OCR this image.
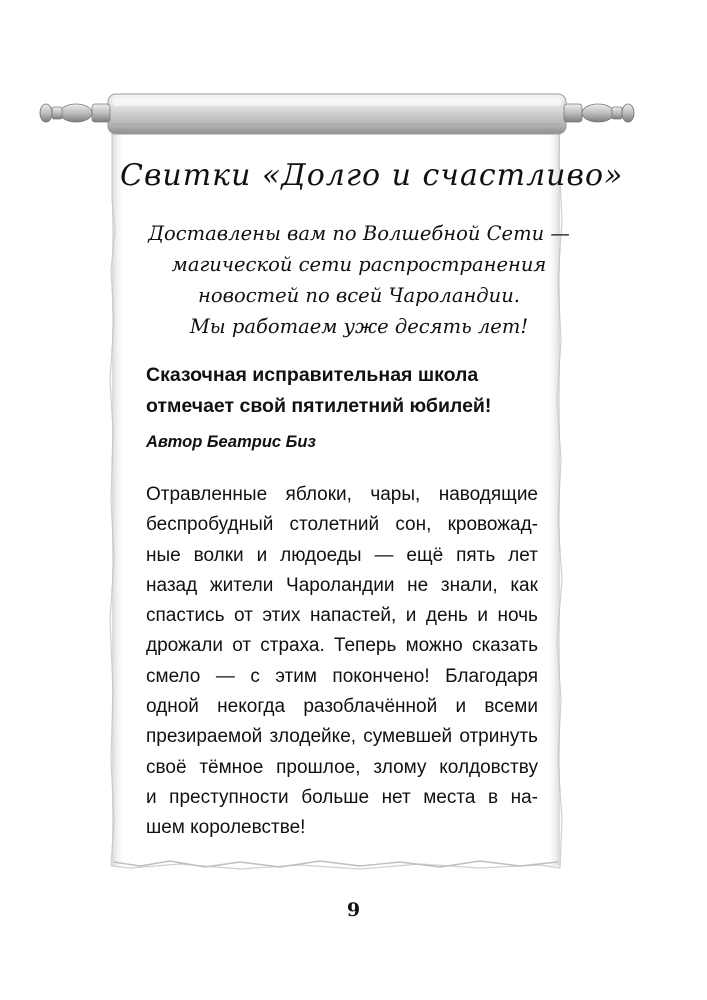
Свитки «Долго и счастливо»
Доставлены вам по Волшебной Сети —
магической сети распространения
новостей по всей Чароландии.
Мы работаем уже десять лет!
Сказочная исправительная школа
отмечает свой пятилетний юбилей!
Автор Беатрис Биз
Отравленные яблоки, чары, наводящие
беспробудный столетний сон, кровожад-
ные волки и людоеды — ещё пять лет
назад жители Чароландии не знали, как
спастись от этих напастей, и день и ночь
дрожали от страха. Теперь можно сказать
смело — с этим покончено! Благодаря
одной некогда разоблачённой и всеми
презираемой злодейке, сумевшей отринуть
своё тёмное прошлое, злому колдовству
и преступности больше нет места в на-
шем королевстве!
9
